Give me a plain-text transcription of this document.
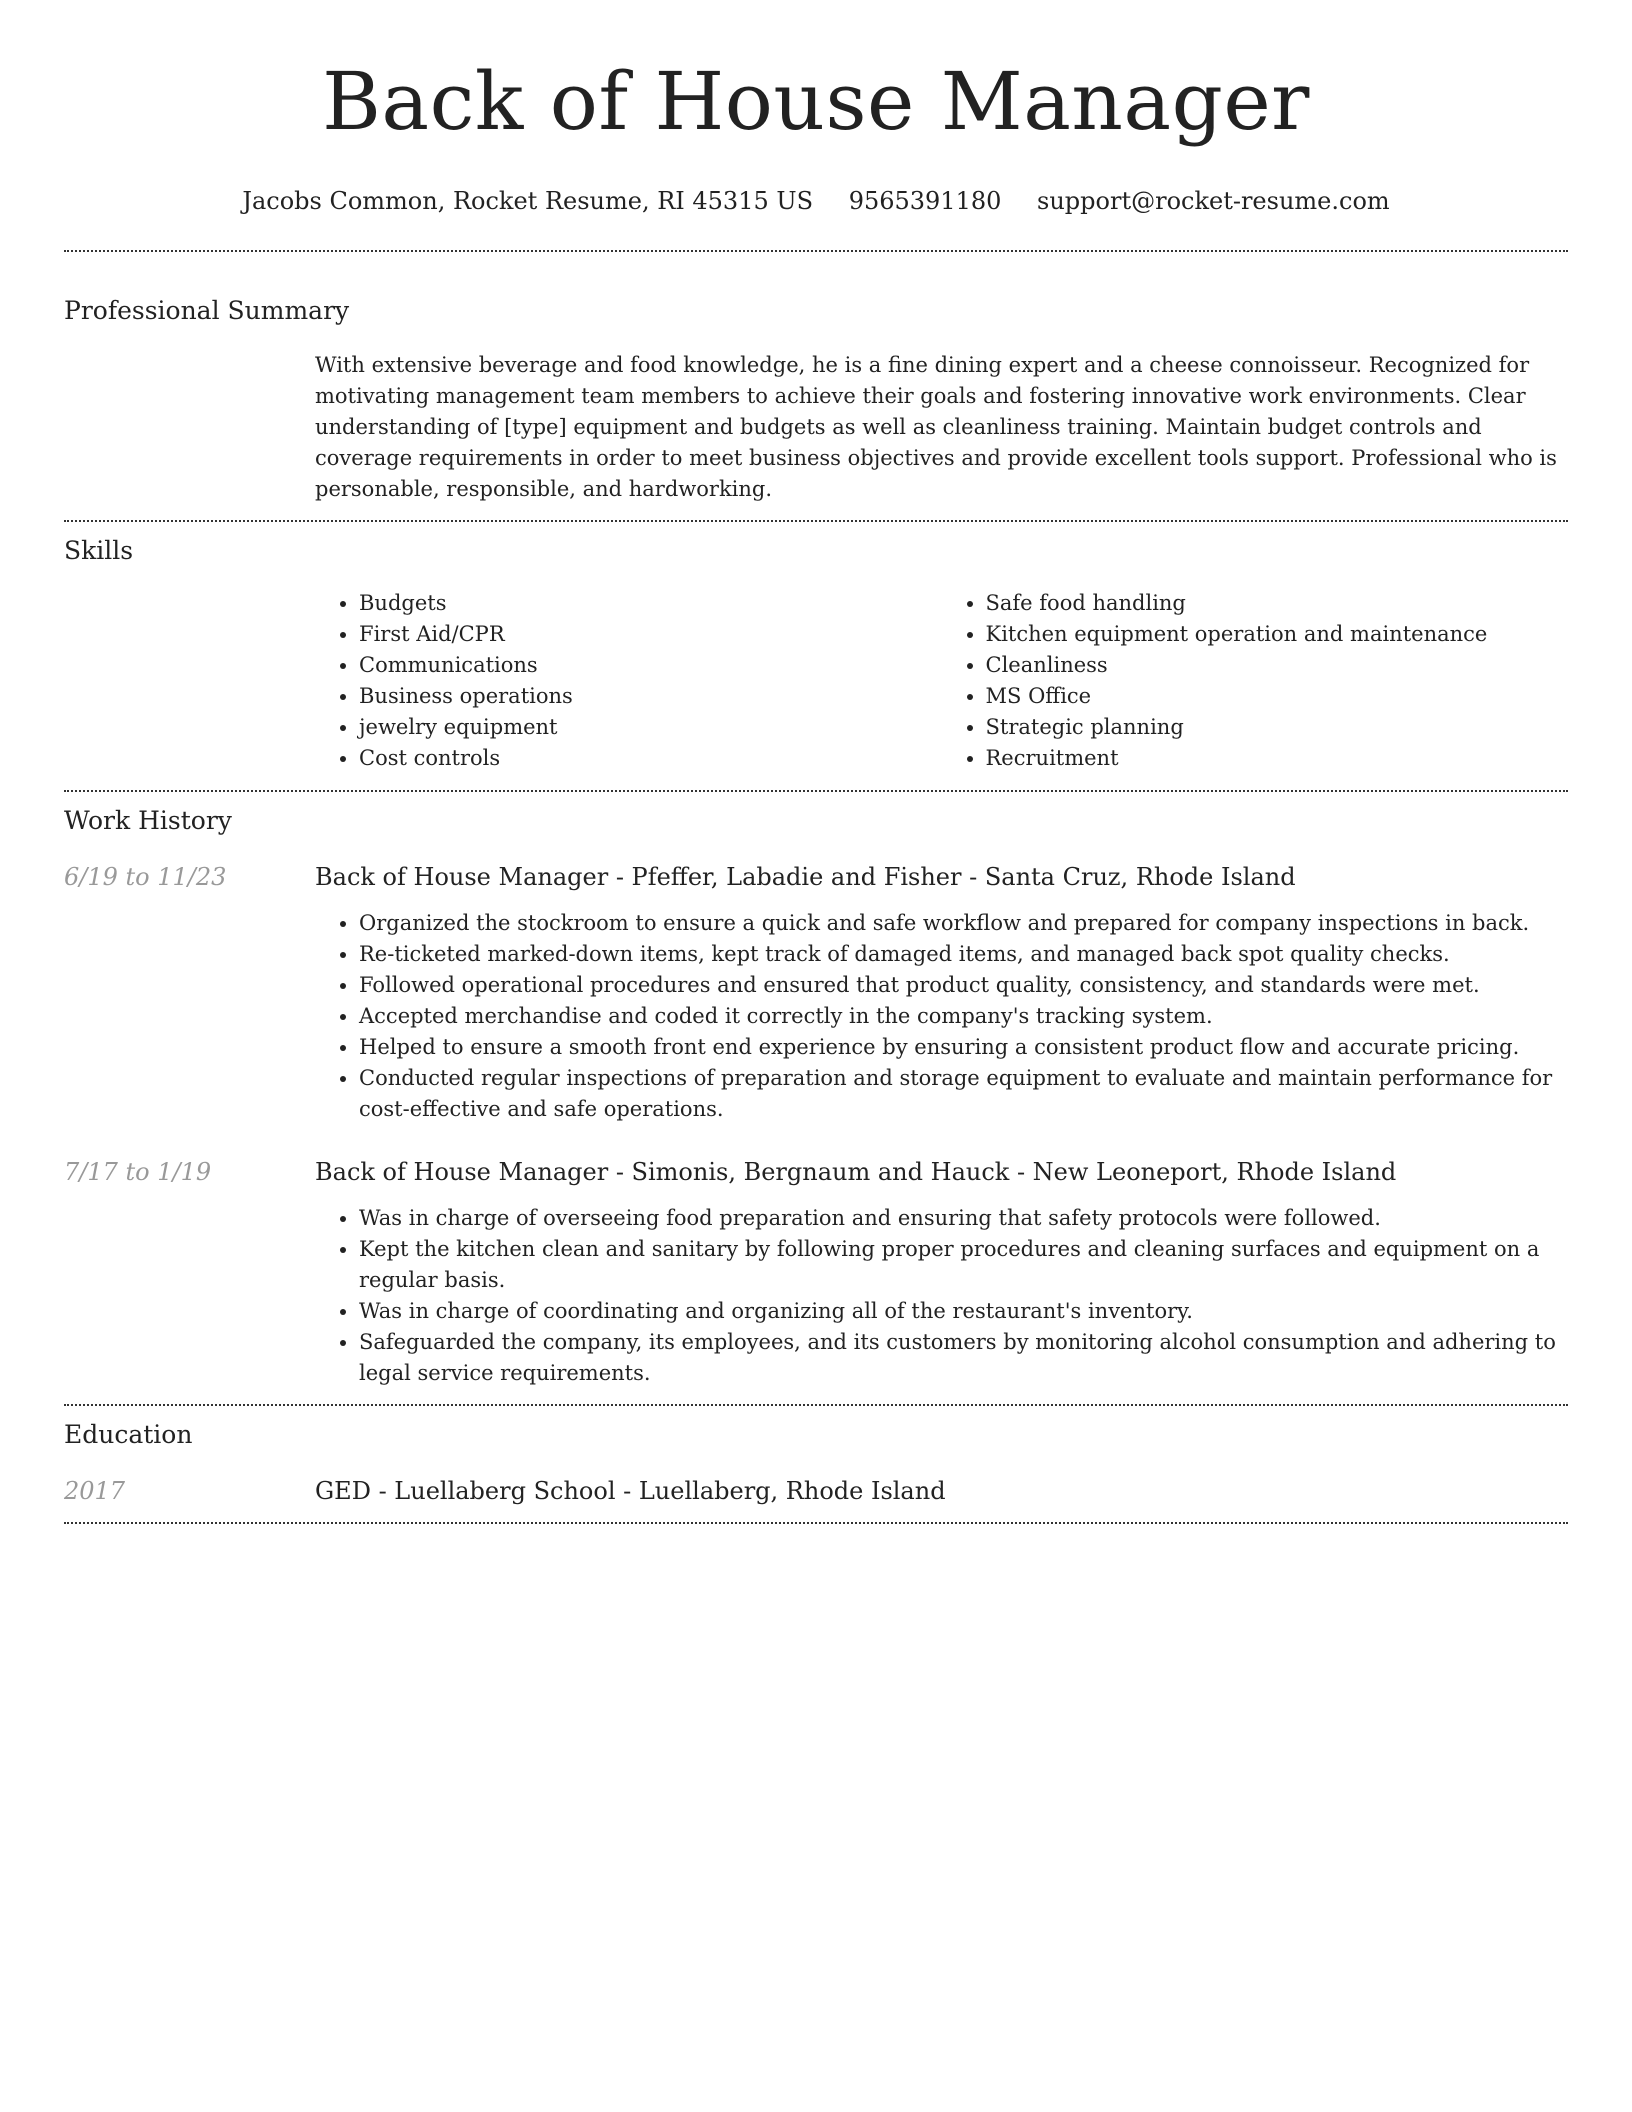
Back of House Manager
Jacobs Common, Rocket Resume, RI 45315 US 9565391180 support@rocket-resume.com
Professional Summary

With extensive beverage and food knowledge, he is a fine dining expert and a cheese connoisseur. Recognized for motivating management team members to achieve their goals and fostering innovative work environments. Clear understanding of [type] equipment and budgets as well as cleanliness training. Maintain budget controls and coverage requirements in order to meet business objectives and provide excellent tools support. Professional who is personable, responsible, and hardworking.

Skills
• Budgets
• First Aid/CPR
• Communications
• Business operations
• jewelry equipment
• Cost controls
• Safe food handling
• Kitchen equipment operation and maintenance
• Cleanliness
• MS Office
• Strategic planning
• Recruitment
Work History
6/19 to 11/23	Back of House Manager - Pfeffer, Labadie and Fisher - Santa Cruz, Rhode Island
• Organized the stockroom to ensure a quick and safe workflow and prepared for company inspections in back.
• Re-ticketed marked-down items, kept track of damaged items, and managed back spot quality checks.
• Followed operational procedures and ensured that product quality, consistency, and standards were met.
• Accepted merchandise and coded it correctly in the company's tracking system.
• Helped to ensure a smooth front end experience by ensuring a consistent product flow and accurate pricing.
• Conducted regular inspections of preparation and storage equipment to evaluate and maintain performance for cost-effective and safe operations.
7/17 to 1/19	Back of House Manager - Simonis, Bergnaum and Hauck - New Leoneport, Rhode Island
• Was in charge of overseeing food preparation and ensuring that safety protocols were followed.
• Kept the kitchen clean and sanitary by following proper procedures and cleaning surfaces and equipment on a regular basis.
• Was in charge of coordinating and organizing all of the restaurant's inventory.
• Safeguarded the company, its employees, and its customers by monitoring alcohol consumption and adhering to legal service requirements.
Education
2017	GED - Luellaberg School - Luellaberg, Rhode Island
